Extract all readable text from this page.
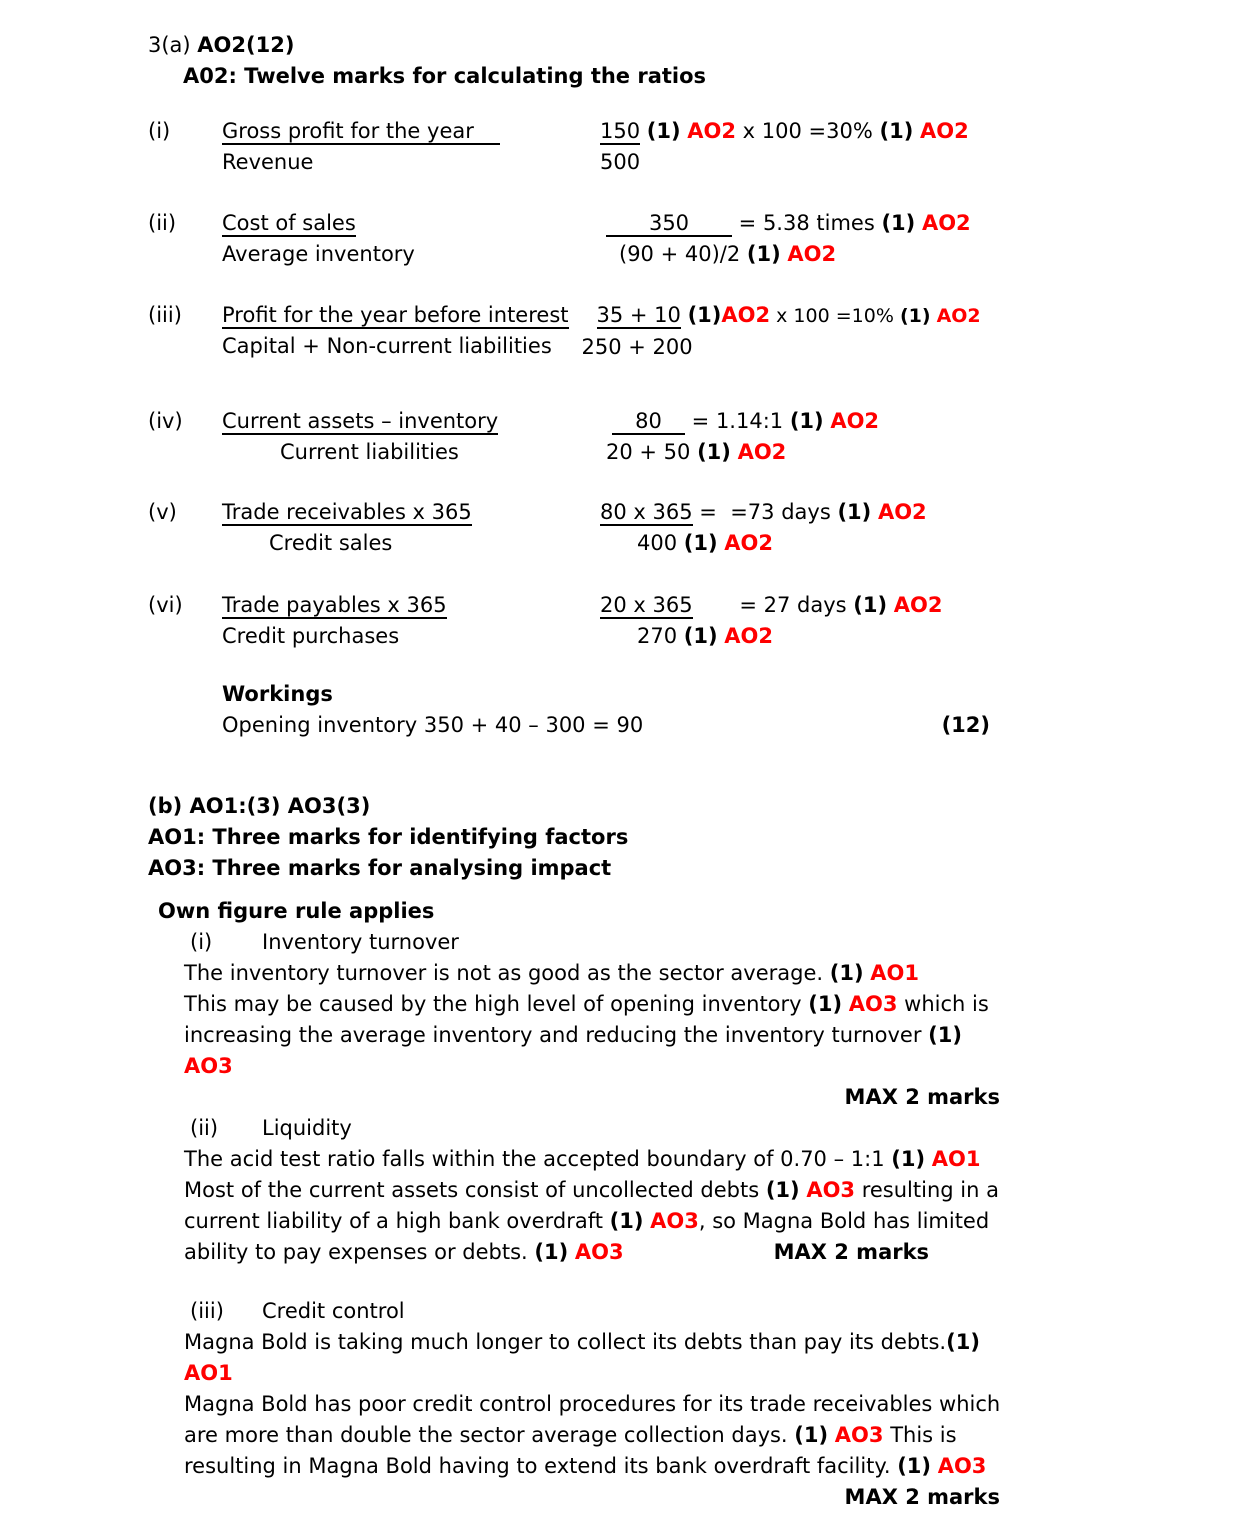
3(a) AO2(12)
A02: Twelve marks for calculating the ratios
(i)	Gross profit for the year
Revenue
150 (1) AO2 x 100 =30% (1) AO2
500
(ii)	Cost of sales
Average inventory
350 = 5.38 times (1) AO2
(90 + 40)/2 (1) AO2
(iii)	Profit for the year before interest
Capital + Non-current liabilities
35 + 10 (1)AO2 x 100 =10% (1) AO2
250 + 200
(iv)	Current assets – inventory
Current liabilities
80 = 1.14:1 (1) AO2
20 + 50 (1) AO2
(v)	Trade receivables x 365
Credit sales
80 x 365 =  =73 days (1) AO2
400 (1) AO2
(vi)	Trade payables x 365
Credit purchases
20 x 365       = 27 days (1) AO2
270 (1) AO2
Workings
Opening inventory 350 + 40 – 300 = 90	(12)
(b) AO1:(3) AO3(3)
AO1: Three marks for identifying factors
AO3: Three marks for analysing impact
Own figure rule applies
(i) Inventory turnover
The inventory turnover is not as good as the sector average. (1) AO1
This may be caused by the high level of opening inventory (1) AO3 which is
increasing the average inventory and reducing the inventory turnover (1)
AO3
MAX 2 marks
(ii) Liquidity
The acid test ratio falls within the accepted boundary of 0.70 – 1:1 (1) AO1
Most of the current assets consist of uncollected debts (1) AO3 resulting in a
current liability of a high bank overdraft (1) AO3, so Magna Bold has limited
ability to pay expenses or debts. (1) AO3	MAX 2 marks
(iii) Credit control
Magna Bold is taking much longer to collect its debts than pay its debts.(1)
AO1
Magna Bold has poor credit control procedures for its trade receivables which
are more than double the sector average collection days. (1) AO3 This is
resulting in Magna Bold having to extend its bank overdraft facility. (1) AO3
MAX 2 marks
